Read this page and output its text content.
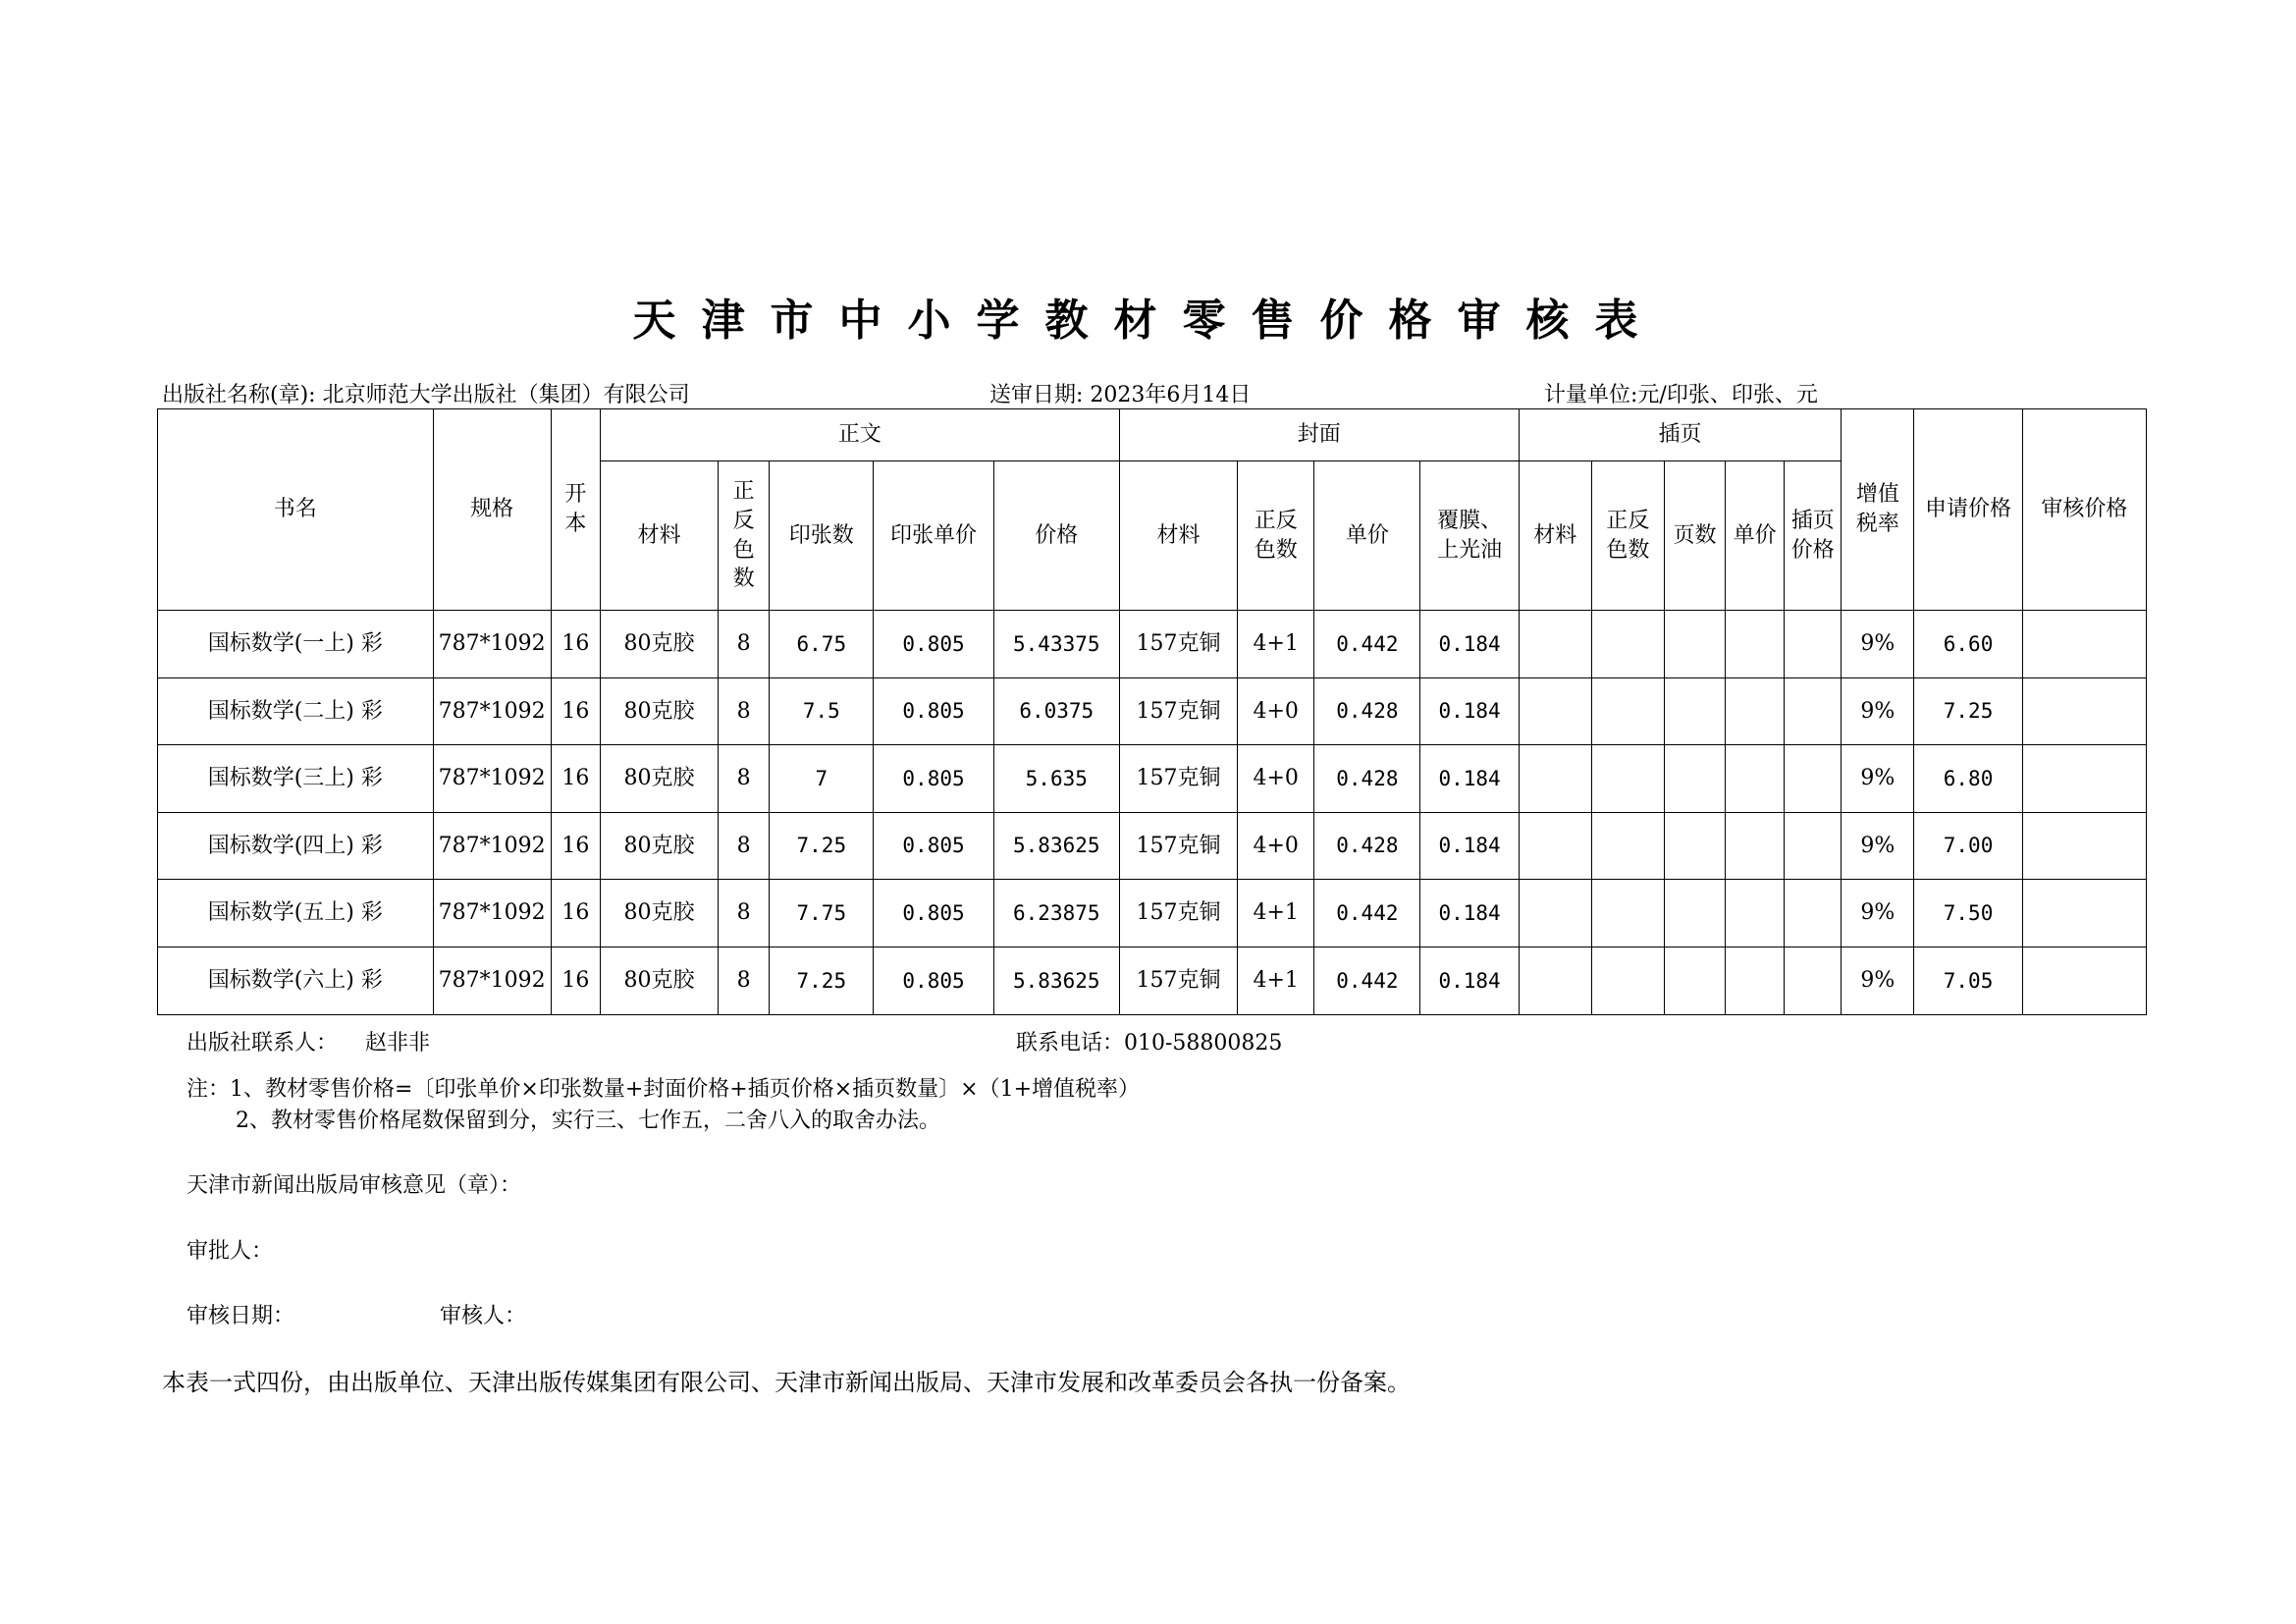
天津市中小学教材零售价格审核表
出版社名称(章): 北京师范大学出版社（集团）有限公司	送审日期: 2023年6月14日	计量单位:元/印张、印张、元
书名	规格	开本	正文					封面				插页					增值税率	申请价格	审核价格
			材料	正反色数	印张数	印张单价	价格	材料	正反色数	单价	覆膜、上光油	材料	正反色数	页数	单价	插页价格			
国标数学(一上) 彩	787*1092	16	80克胶	8	6.75	0.805	5.43375	157克铜	4+1	0.442	0.184						9%	6.60	
国标数学(二上) 彩	787*1092	16	80克胶	8	7.5	0.805	6.0375	157克铜	4+0	0.428	0.184						9%	7.25	
国标数学(三上) 彩	787*1092	16	80克胶	8	7	0.805	5.635	157克铜	4+0	0.428	0.184						9%	6.80	
国标数学(四上) 彩	787*1092	16	80克胶	8	7.25	0.805	5.83625	157克铜	4+0	0.428	0.184						9%	7.00	
国标数学(五上) 彩	787*1092	16	80克胶	8	7.75	0.805	6.23875	157克铜	4+1	0.442	0.184						9%	7.50	
国标数学(六上) 彩	787*1092	16	80克胶	8	7.25	0.805	5.83625	157克铜	4+1	0.442	0.184						9%	7.05	
出版社联系人： 赵非非	联系电话：010-58800825
注：1、教材零售价格=〔印张单价×印张数量+封面价格+插页价格×插页数量〕×（1+增值税率）
2、教材零售价格尾数保留到分，实行三、七作五，二舍八入的取舍办法。
天津市新闻出版局审核意见（章）：
审批人：
审核日期：	审核人：
本表一式四份，由出版单位、天津出版传媒集团有限公司、天津市新闻出版局、天津市发展和改革委员会各执一份备案。
